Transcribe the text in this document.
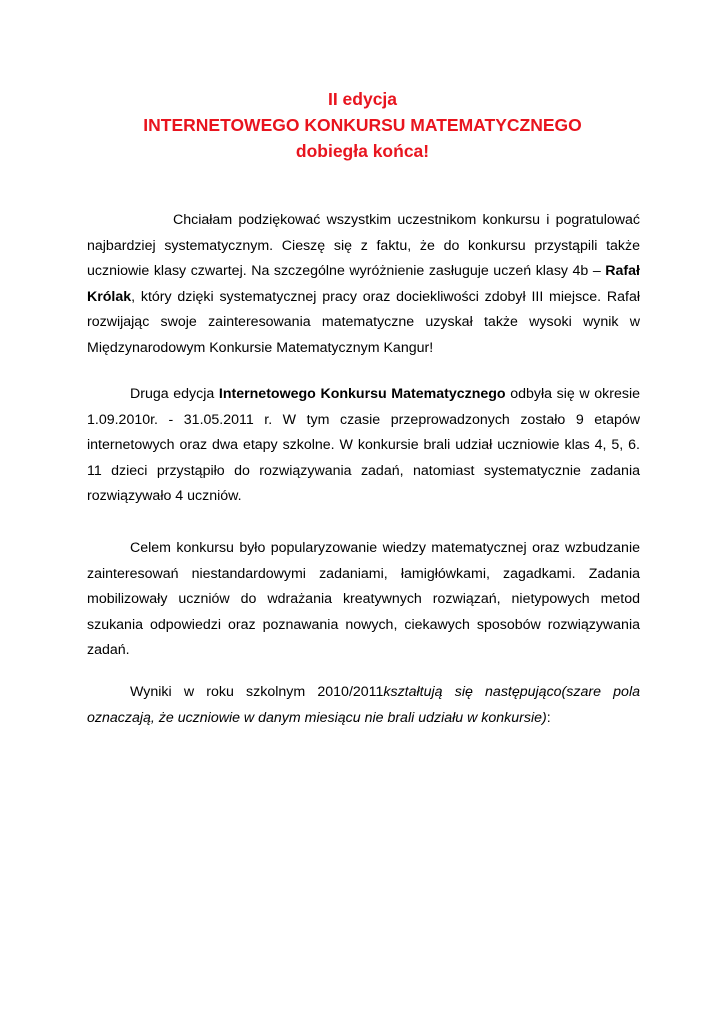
II edycja
INTERNETOWEGO KONKURSU MATEMATYCZNEGO
dobiegła końca!

Chciałam podziękować wszystkim uczestnikom konkursu i pogratulować najbardziej systematycznym. Cieszę się z faktu, że do konkursu przystąpili także uczniowie klasy czwartej. Na szczególne wyróżnienie zasługuje uczeń klasy 4b – Rafał Królak, który dzięki systematycznej pracy oraz dociekliwości zdobył III miejsce. Rafał rozwijając swoje zainteresowania matematyczne uzyskał także wysoki wynik w Międzynarodowym Konkursie Matematycznym Kangur!

Druga edycja Internetowego Konkursu Matematycznego odbyła się w okresie 1.09.2010r. - 31.05.2011 r. W tym czasie przeprowadzonych zostało 9 etapów internetowych oraz dwa etapy szkolne. W konkursie brali udział uczniowie klas 4, 5, 6. 11 dzieci przystąpiło do rozwiązywania zadań, natomiast systematycznie zadania rozwiązywało 4 uczniów.

Celem konkursu było popularyzowanie wiedzy matematycznej oraz wzbudzanie zainteresowań niestandardowymi zadaniami, łamigłówkami, zagadkami. Zadania mobilizowały uczniów do wdrażania kreatywnych rozwiązań, nietypowych metod szukania odpowiedzi oraz poznawania nowych, ciekawych sposobów rozwiązywania zadań.

Wyniki w roku szkolnym 2010/2011kształtują się następująco(szare pola oznaczają, że uczniowie w danym miesiącu nie brali udziału w konkursie):
